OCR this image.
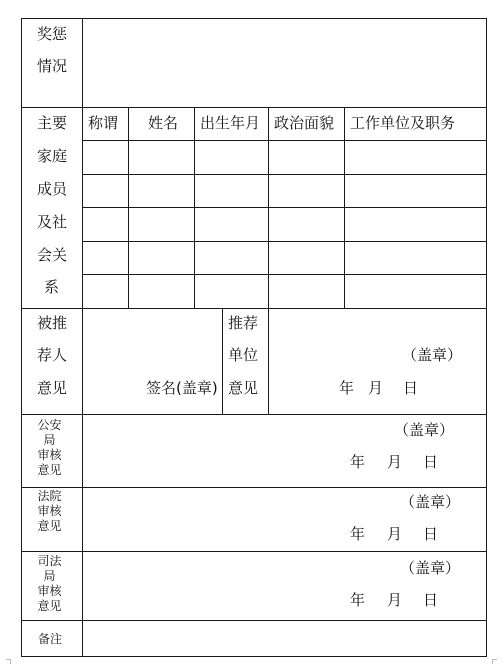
奖惩
情况
主要
家庭
成员
及社
会关
系
称谓 姓名 出生年月 政治面貌 工作单位及职务
被推
荐人
意见	签名(盖章)
推荐
单位
意见
（盖章）
年 月 日
公安
局
审核
意见
（盖章）
年 月 日
法院
审核
意见
（盖章）
年 月 日
司法
局
审核
意见
（盖章）
年 月 日
备注
